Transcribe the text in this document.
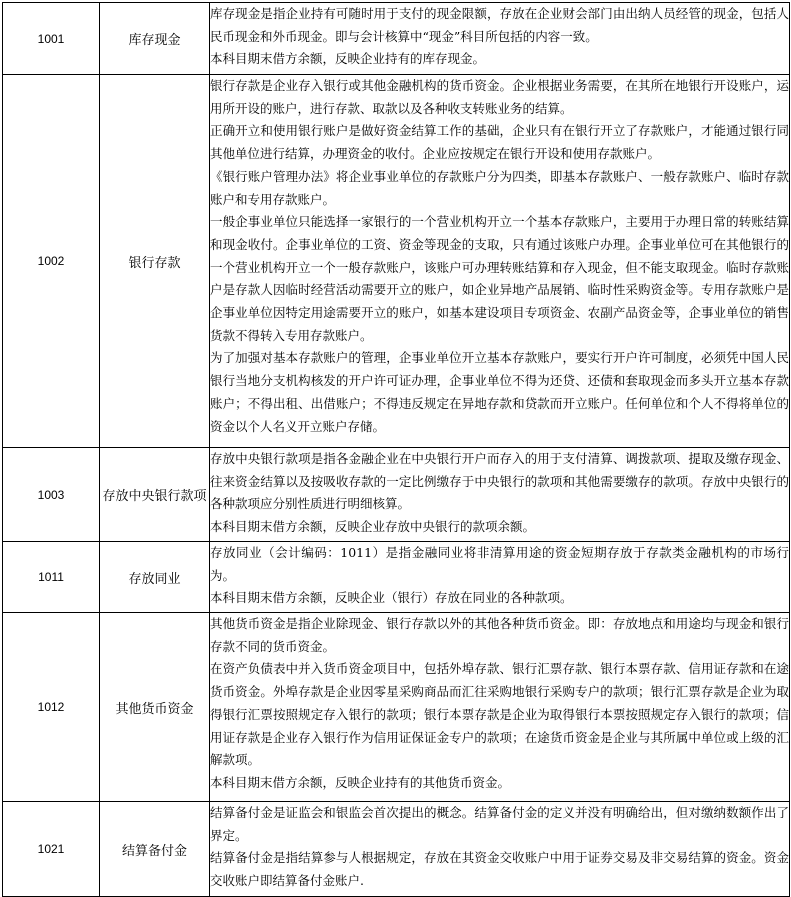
1001	库存现金	库存现金是指企业持有可随时用于支付的现金限额，存放在企业财会部门由出纳人员经管的现金，包括人民币现金和外币现金。即与会计核算中“现金”科目所包括的内容一致。

本科目期末借方余额，反映企业持有的库存现金。

1002	银行存款	银行存款是企业存入银行或其他金融机构的货币资金。企业根据业务需要，在其所在地银行开设账户，运用所开设的账户，进行存款、取款以及各种收支转账业务的结算。

正确开立和使用银行账户是做好资金结算工作的基础，企业只有在银行开立了存款账户，才能通过银行同其他单位进行结算，办理资金的收付。企业应按规定在银行开设和使用存款账户。

《银行账户管理办法》将企业事业单位的存款账户分为四类，即基本存款账户、一般存款账户、临时存款账户和专用存款账户。

一般企事业单位只能选择一家银行的一个营业机构开立一个基本存款账户，主要用于办理日常的转账结算和现金收付。企事业单位的工资、资金等现金的支取，只有通过该账户办理。企事业单位可在其他银行的一个营业机构开立一个一般存款账户，该账户可办理转账结算和存入现金，但不能支取现金。临时存款账户是存款人因临时经营活动需要开立的账户，如企业异地产品展销、临时性采购资金等。专用存款账户是企事业单位因特定用途需要开立的账户，如基本建设项目专项资金、农副产品资金等，企事业单位的销售货款不得转入专用存款账户。

为了加强对基本存款账户的管理，企事业单位开立基本存款账户，要实行开户许可制度，必须凭中国人民银行当地分支机构核发的开户许可证办理，企事业单位不得为还贷、还债和套取现金而多头开立基本存款账户；不得出租、出借账户；不得违反规定在异地存款和贷款而开立账户。任何单位和个人不得将单位的资金以个人名义开立账户存储。

1003	存放中央银行款项	存放中央银行款项是指各金融企业在中央银行开户而存入的用于支付清算、调拨款项、提取及缴存现金、往来资金结算以及按吸收存款的一定比例缴存于中央银行的款项和其他需要缴存的款项。存放中央银行的各种款项应分别性质进行明细核算。

本科目期末借方余额，反映企业存放中央银行的款项余额。

1011	存放同业	存放同业（会计编码：1011）是指金融同业将非清算用途的资金短期存放于存款类金融机构的市场行为。

本科目期末借方余额，反映企业（银行）存放在同业的各种款项。

1012	其他货币资金	其他货币资金是指企业除现金、银行存款以外的其他各种货币资金。即：存放地点和用途均与现金和银行存款不同的货币资金。

在资产负债表中并入货币资金项目中，包括外埠存款、银行汇票存款、银行本票存款、信用证存款和在途货币资金。外埠存款是企业因零星采购商品而汇往采购地银行采购专户的款项；银行汇票存款是企业为取得银行汇票按照规定存入银行的款项；银行本票存款是企业为取得银行本票按照规定存入银行的款项；信用证存款是企业存入银行作为信用证保证金专户的款项；在途货币资金是企业与其所属中单位或上级的汇解款项。

本科目期末借方余额，反映企业持有的其他货币资金。

1021	结算备付金	结算备付金是证监会和银监会首次提出的概念。结算备付金的定义并没有明确给出，但对缴纳数额作出了界定。

结算备付金是指结算参与人根据规定，存放在其资金交收账户中用于证券交易及非交易结算的资金。资金交收账户即结算备付金账户.
